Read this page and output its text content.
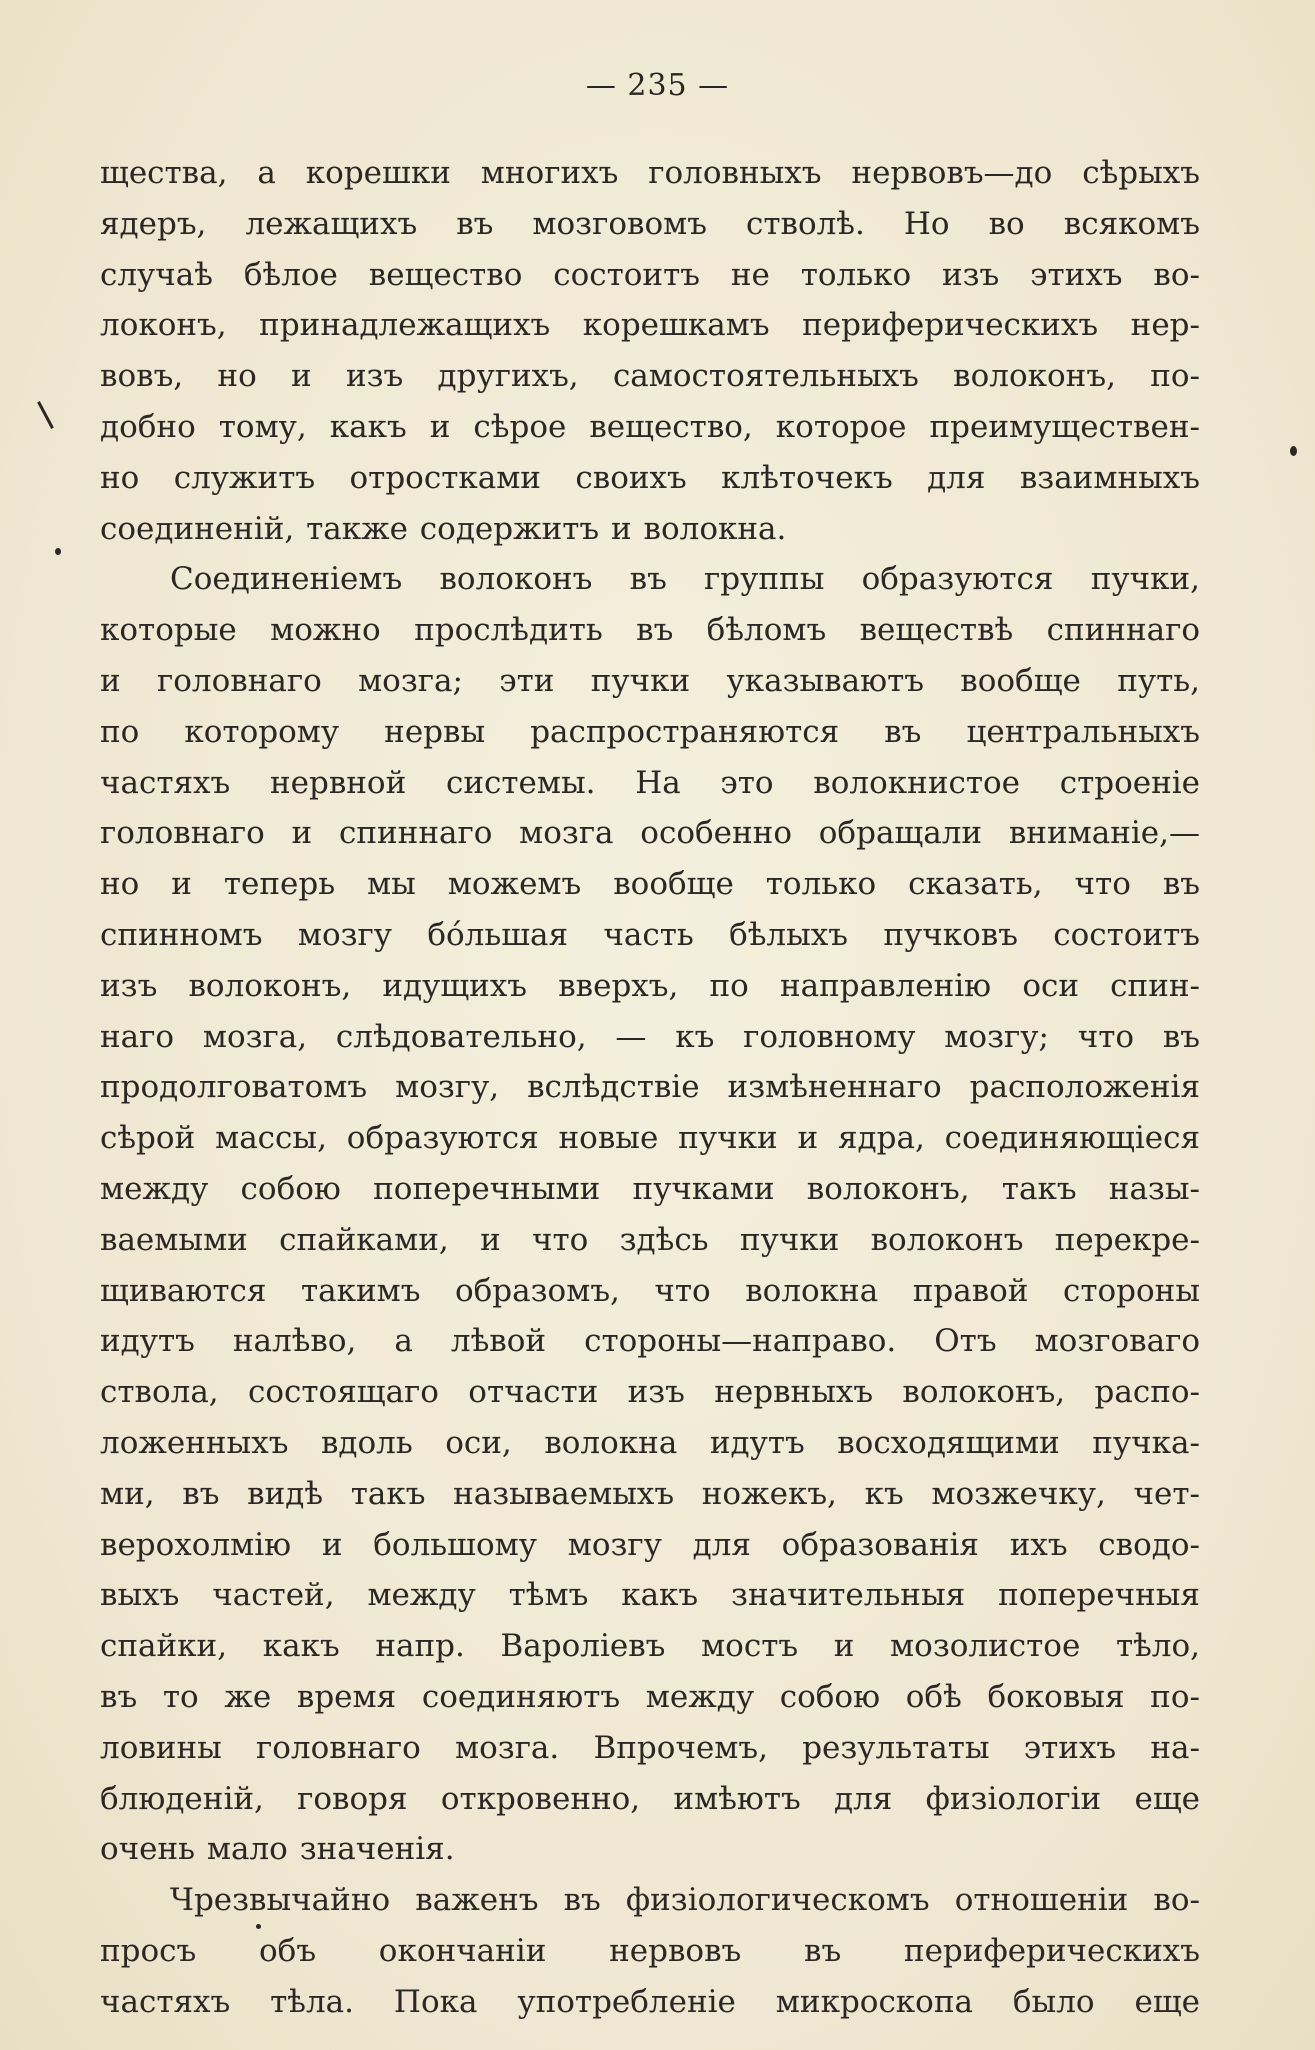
— 235 —
щества, а корешки многихъ головныхъ нервовъ—до сѣрыхъ
ядеръ, лежащихъ въ мозговомъ стволѣ. Но во всякомъ
случаѣ бѣлое вещество состоитъ не только изъ этихъ во-
локонъ, принадлежащихъ корешкамъ периферическихъ нер-
вовъ, но и изъ другихъ, самостоятельныхъ волоконъ, по-
добно тому, какъ и сѣрое вещество, которое преимуществен-
но служитъ отростками своихъ клѣточекъ для взаимныхъ
соединенiй, также содержитъ и волокна.
Соединенiемъ волоконъ въ группы образуются пучки,
которые можно прослѣдить въ бѣломъ веществѣ спиннаго
и головнаго мозга; эти пучки указываютъ вообще путь,
по которому нервы распространяются въ центральныхъ
частяхъ нервной системы. На это волокнистое строенiе
головнаго и спиннаго мозга особенно обращали вниманiе,—
но и теперь мы можемъ вообще только сказать, что въ
спинномъ мозгу бóльшая часть бѣлыхъ пучковъ состоитъ
изъ волоконъ, идущихъ вверхъ, по направленiю оси спин-
наго мозга, слѣдовательно, — къ головному мозгу; что въ
продолговатомъ мозгу, вслѣдствiе измѣненнаго расположенiя
сѣрой массы, образуются новые пучки и ядра, соединяющiеся
между собою поперечными пучками волоконъ, такъ назы-
ваемыми спайками, и что здѣсь пучки волоконъ перекре-
щиваются такимъ образомъ, что волокна правой стороны
идутъ налѣво, а лѣвой стороны—направо. Отъ мозговаго
ствола, состоящаго отчасти изъ нервныхъ волоконъ, распо-
ложенныхъ вдоль оси, волокна идутъ восходящими пучка-
ми, въ видѣ такъ называемыхъ ножекъ, къ мозжечку, чет-
верохолмiю и большому мозгу для образованiя ихъ сводо-
выхъ частей, между тѣмъ какъ значительныя поперечныя
спайки, какъ напр. Варолiевъ мостъ и мозолистое тѣло,
въ то же время соединяютъ между собою обѣ боковыя по-
ловины головнаго мозга. Впрочемъ, результаты этихъ на-
блюденiй, говоря откровенно, имѣютъ для физiологiи еще
очень мало значенiя.
Чрезвычайно важенъ въ физiологическомъ отношенiи во-
просъ объ окончанiи нервовъ въ периферическихъ
частяхъ тѣла. Пока употребленiе микроскопа было еще
